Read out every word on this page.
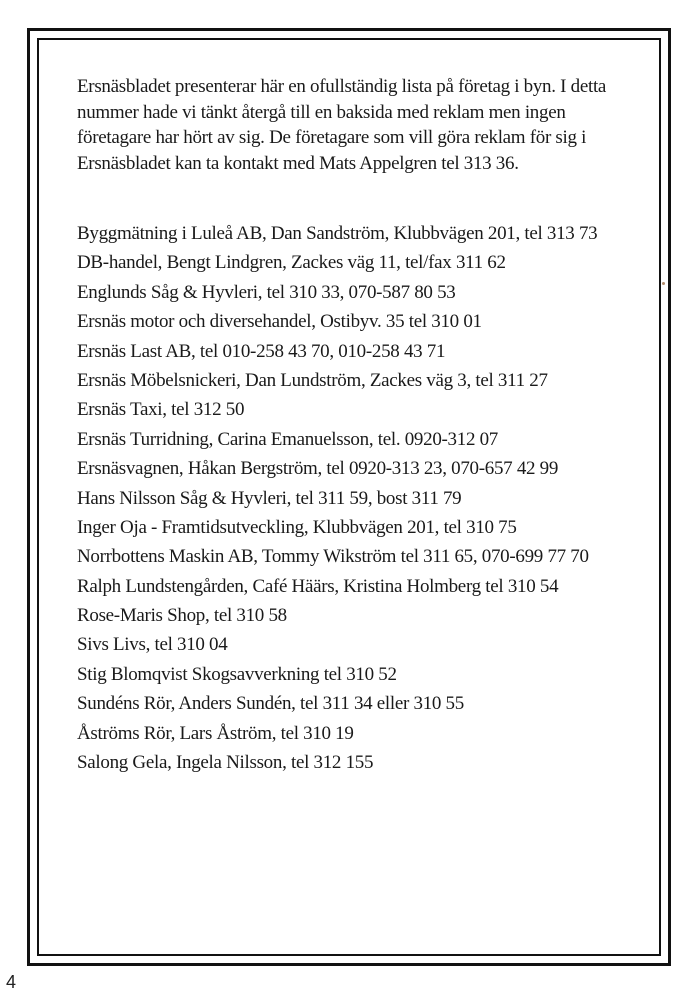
Ersnäsbladet presenterar här en ofullständig lista på företag i byn. I detta nummer hade vi tänkt återgå till en baksida med reklam men ingen företagare har hört av sig. De företagare som vill göra reklam för sig i Ersnäsbladet kan ta kontakt med Mats Appelgren tel 313 36.

Byggmätning i Luleå AB, Dan Sandström, Klubbvägen 201, tel 313 73
DB-handel, Bengt Lindgren, Zackes väg 11, tel/fax 311 62
Englunds Såg & Hyvleri, tel 310 33, 070-587 80 53
Ersnäs motor och diversehandel, Ostibyv. 35 tel 310 01
Ersnäs Last AB, tel 010-258 43 70, 010-258 43 71
Ersnäs Möbelsnickeri, Dan Lundström, Zackes väg 3, tel 311 27
Ersnäs Taxi, tel 312 50
Ersnäs Turridning, Carina Emanuelsson, tel. 0920-312 07
Ersnäsvagnen, Håkan Bergström, tel 0920-313 23, 070-657 42 99
Hans Nilsson Såg & Hyvleri, tel 311 59, bost 311 79
Inger Oja - Framtidsutveckling, Klubbvägen 201, tel 310 75
Norrbottens Maskin AB, Tommy Wikström tel 311 65, 070-699 77 70
Ralph Lundstengården, Café Häärs, Kristina Holmberg tel 310 54
Rose-Maris Shop, tel 310 58
Sivs Livs, tel 310 04
Stig Blomqvist Skogsavverkning tel 310 52
Sundéns Rör, Anders Sundén, tel 311 34 eller 310 55
Åströms Rör, Lars Åström, tel 310 19
Salong Gela, Ingela Nilsson, tel 312 155
4
